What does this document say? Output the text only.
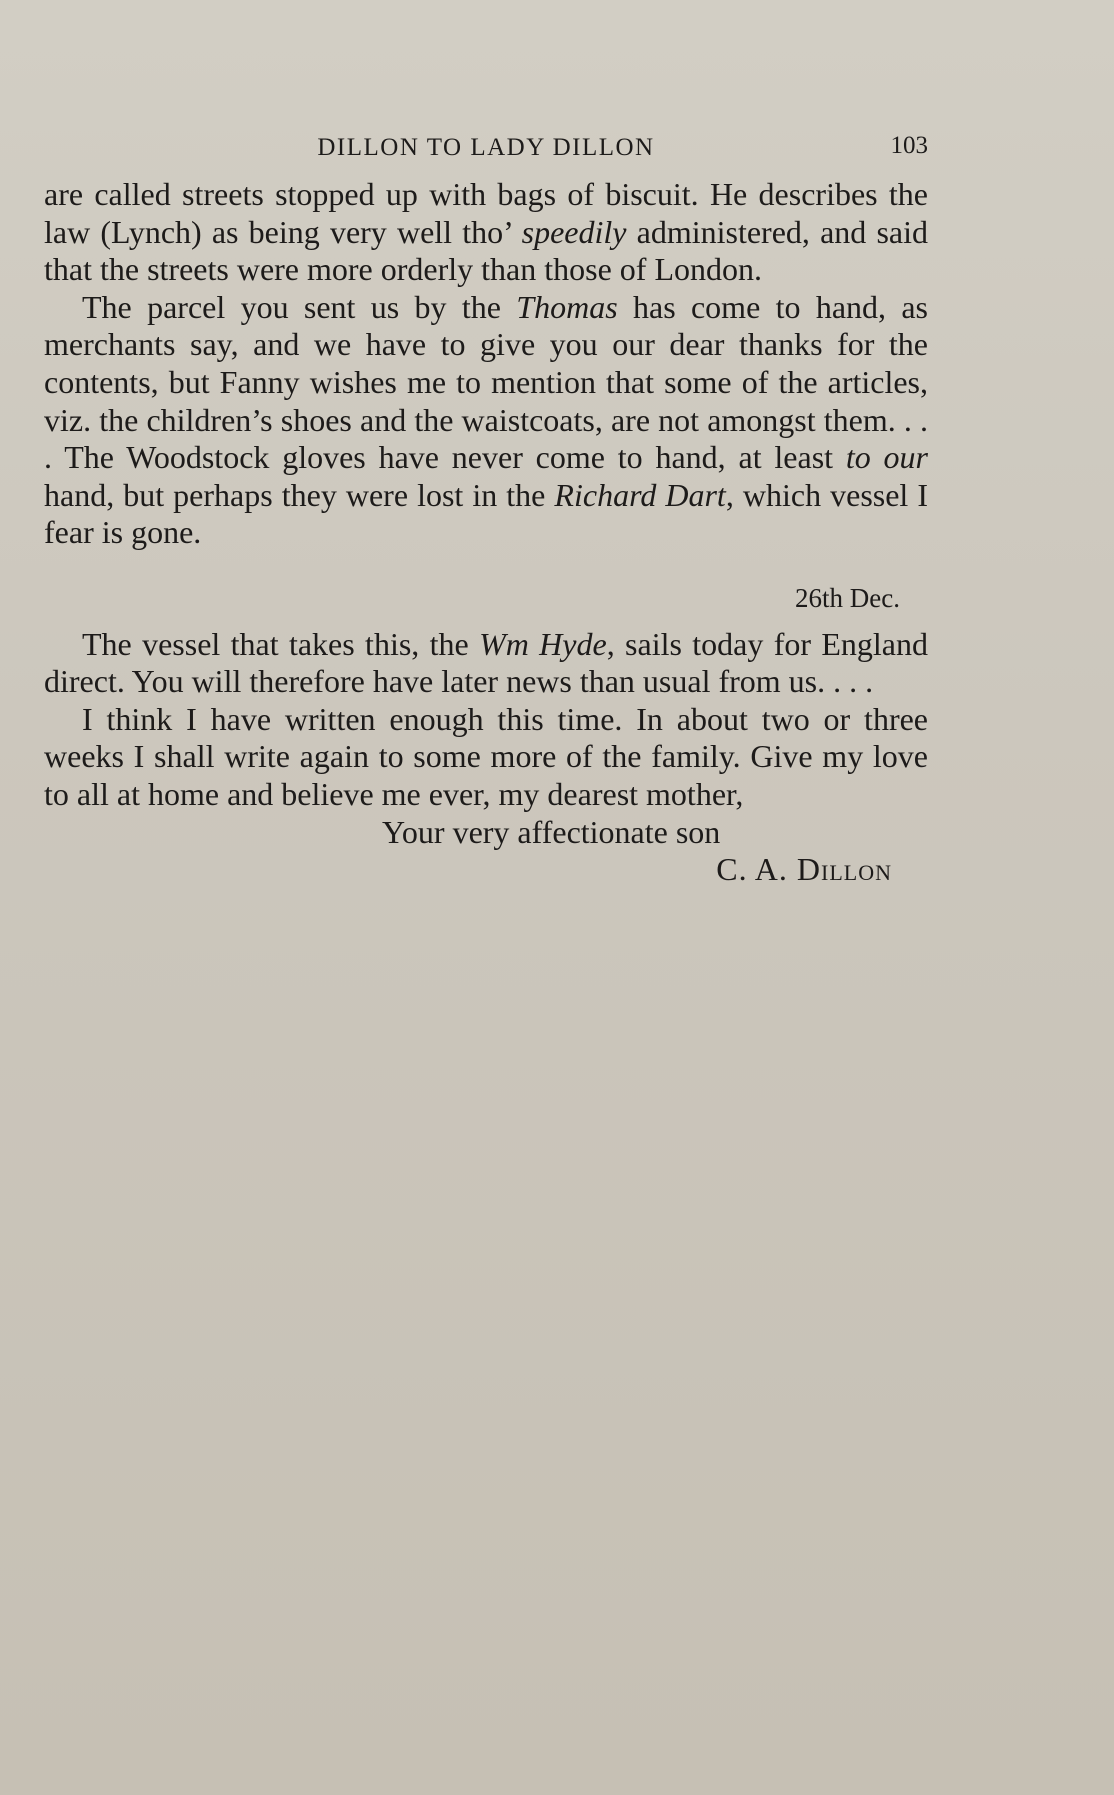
DILLON TO LADY DILLON	103

are called streets stopped up with bags of biscuit. He describes the law (Lynch) as being very well tho’ speedily administered, and said that the streets were more orderly than those of London.

The parcel you sent us by the Thomas has come to hand, as merchants say, and we have to give you our dear thanks for the contents, but Fanny wishes me to mention that some of the articles, viz. the children’s shoes and the waistcoats, are not amongst them. . . . The Woodstock gloves have never come to hand, at least to our hand, but perhaps they were lost in the Richard Dart, which vessel I fear is gone.

26th Dec.

The vessel that takes this, the Wm Hyde, sails today for England direct. You will therefore have later news than usual from us. . . .

I think I have written enough this time. In about two or three weeks I shall write again to some more of the family. Give my love to all at home and believe me ever, my dearest mother,

Your very affectionate son

C. A. Dillon
